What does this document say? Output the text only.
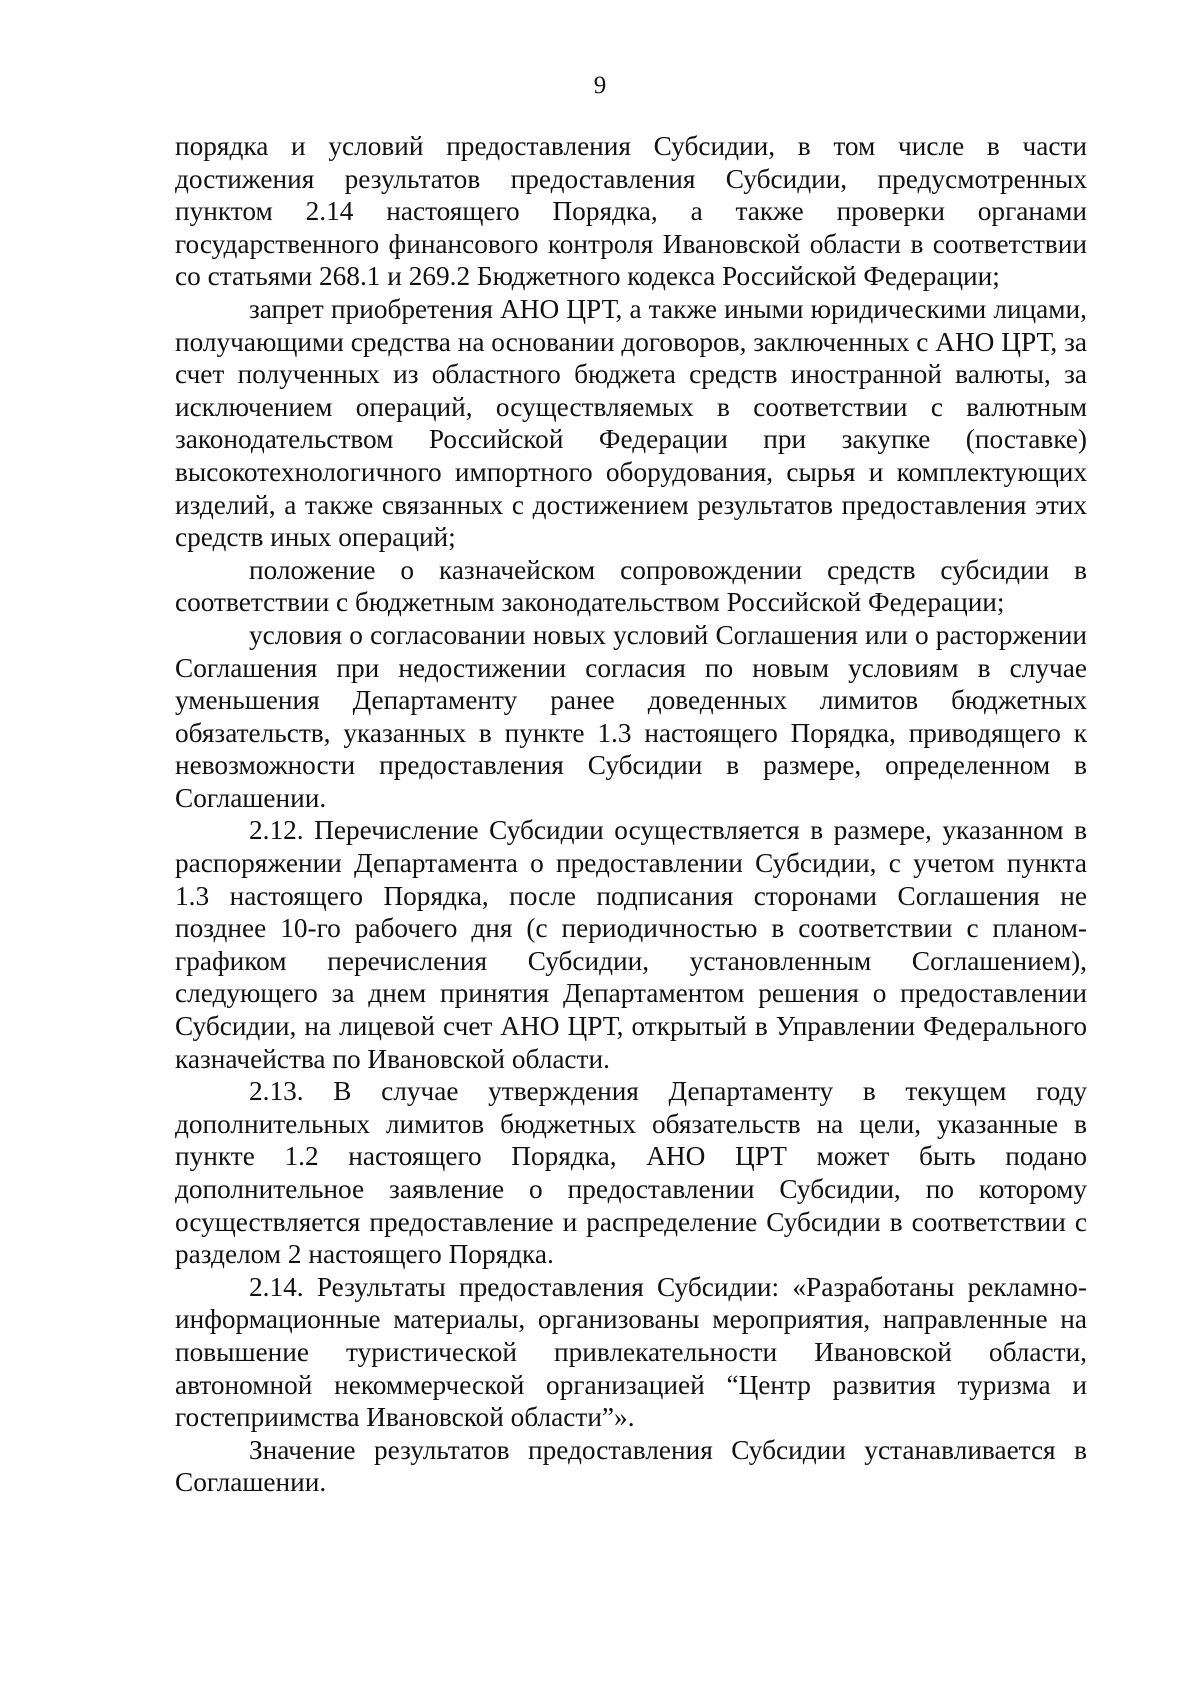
9

порядка и условий предоставления Субсидии, в том числе в части достижения результатов предоставления Субсидии, предусмотренных пунктом 2.14 настоящего Порядка, а также проверки органами государственного финансового контроля Ивановской области в соответствии со статьями 268.1 и 269.2 Бюджетного кодекса Российской Федерации;

запрет приобретения АНО ЦРТ, а также иными юридическими лицами, получающими средства на основании договоров, заключенных с АНО ЦРТ, за счет полученных из областного бюджета средств иностранной валюты, за исключением операций, осуществляемых в соответствии с валютным законодательством Российской Федерации при закупке (поставке) высокотехнологичного импортного оборудования, сырья и комплектующих изделий, а также связанных с достижением результатов предоставления этих средств иных операций;

положение о казначейском сопровождении средств субсидии в соответствии с бюджетным законодательством Российской Федерации;

условия о согласовании новых условий Соглашения или о расторжении Соглашения при недостижении согласия по новым условиям в случае уменьшения Департаменту ранее доведенных лимитов бюджетных обязательств, указанных в пункте 1.3 настоящего Порядка, приводящего к невозможности предоставления Субсидии в размере, определенном в Соглашении.

2.12. Перечисление Субсидии осуществляется в размере, указанном в распоряжении Департамента о предоставлении Субсидии, с учетом пункта 1.3 настоящего Порядка, после подписания сторонами Соглашения не позднее 10-го рабочего дня (с периодичностью в соответствии с планом-графиком перечисления Субсидии, установленным Соглашением), следующего за днем принятия Департаментом решения о предоставлении Субсидии, на лицевой счет АНО ЦРТ, открытый в Управлении Федерального казначейства по Ивановской области.

2.13. В случае утверждения Департаменту в текущем году дополнительных лимитов бюджетных обязательств на цели, указанные в пункте 1.2 настоящего Порядка, АНО ЦРТ может быть подано дополнительное заявление о предоставлении Субсидии, по которому осуществляется предоставление и распределение Субсидии в соответствии с разделом 2 настоящего Порядка.

2.14. Результаты предоставления Субсидии: «Разработаны рекламно-информационные материалы, организованы мероприятия, направленные на повышение туристической привлекательности Ивановской области, автономной некоммерческой организацией “Центр развития туризма и гостеприимства Ивановской области”».

Значение результатов предоставления Субсидии устанавливается в Соглашении.
